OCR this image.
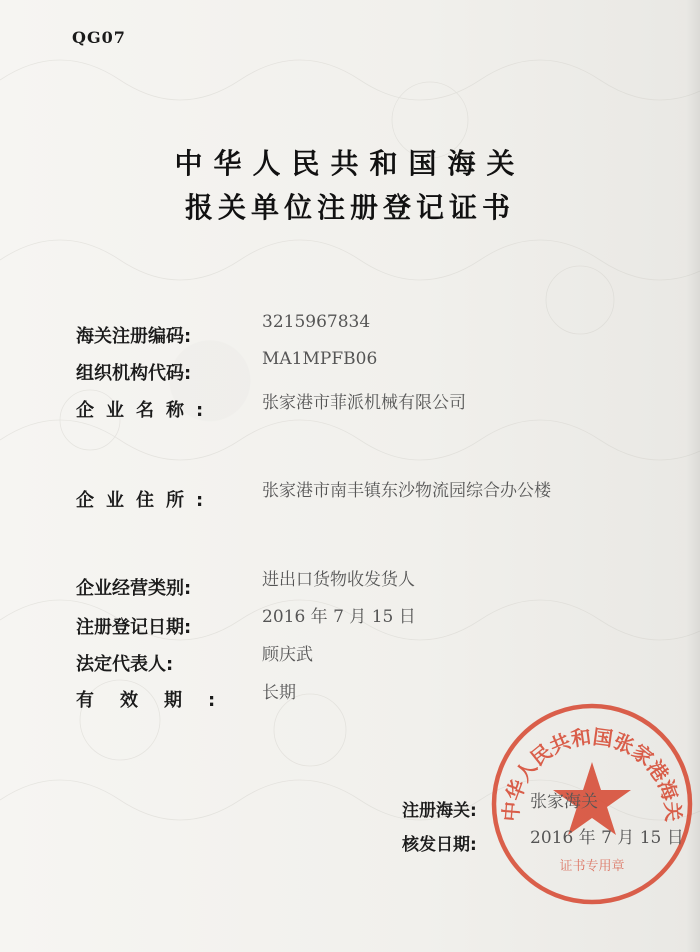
QG07
中华人民共和国海关
报关单位注册登记证书
海关注册编码:
3215967834
组织机构代码:
MA1MPFB06
企业名称:	张家港市菲派机械有限公司
企业住所:	张家港市南丰镇东沙物流园综合办公楼
企业经营类别:	进出口货物收发货人
注册登记日期:	2016 年 7 月 15 日
法定代表人:	顾庆武
有效期: 长期
中华人民共和国张家港海关
证书专用章
注册海关:	张家海关
核发日期:	2016 年 7 月 15 日
